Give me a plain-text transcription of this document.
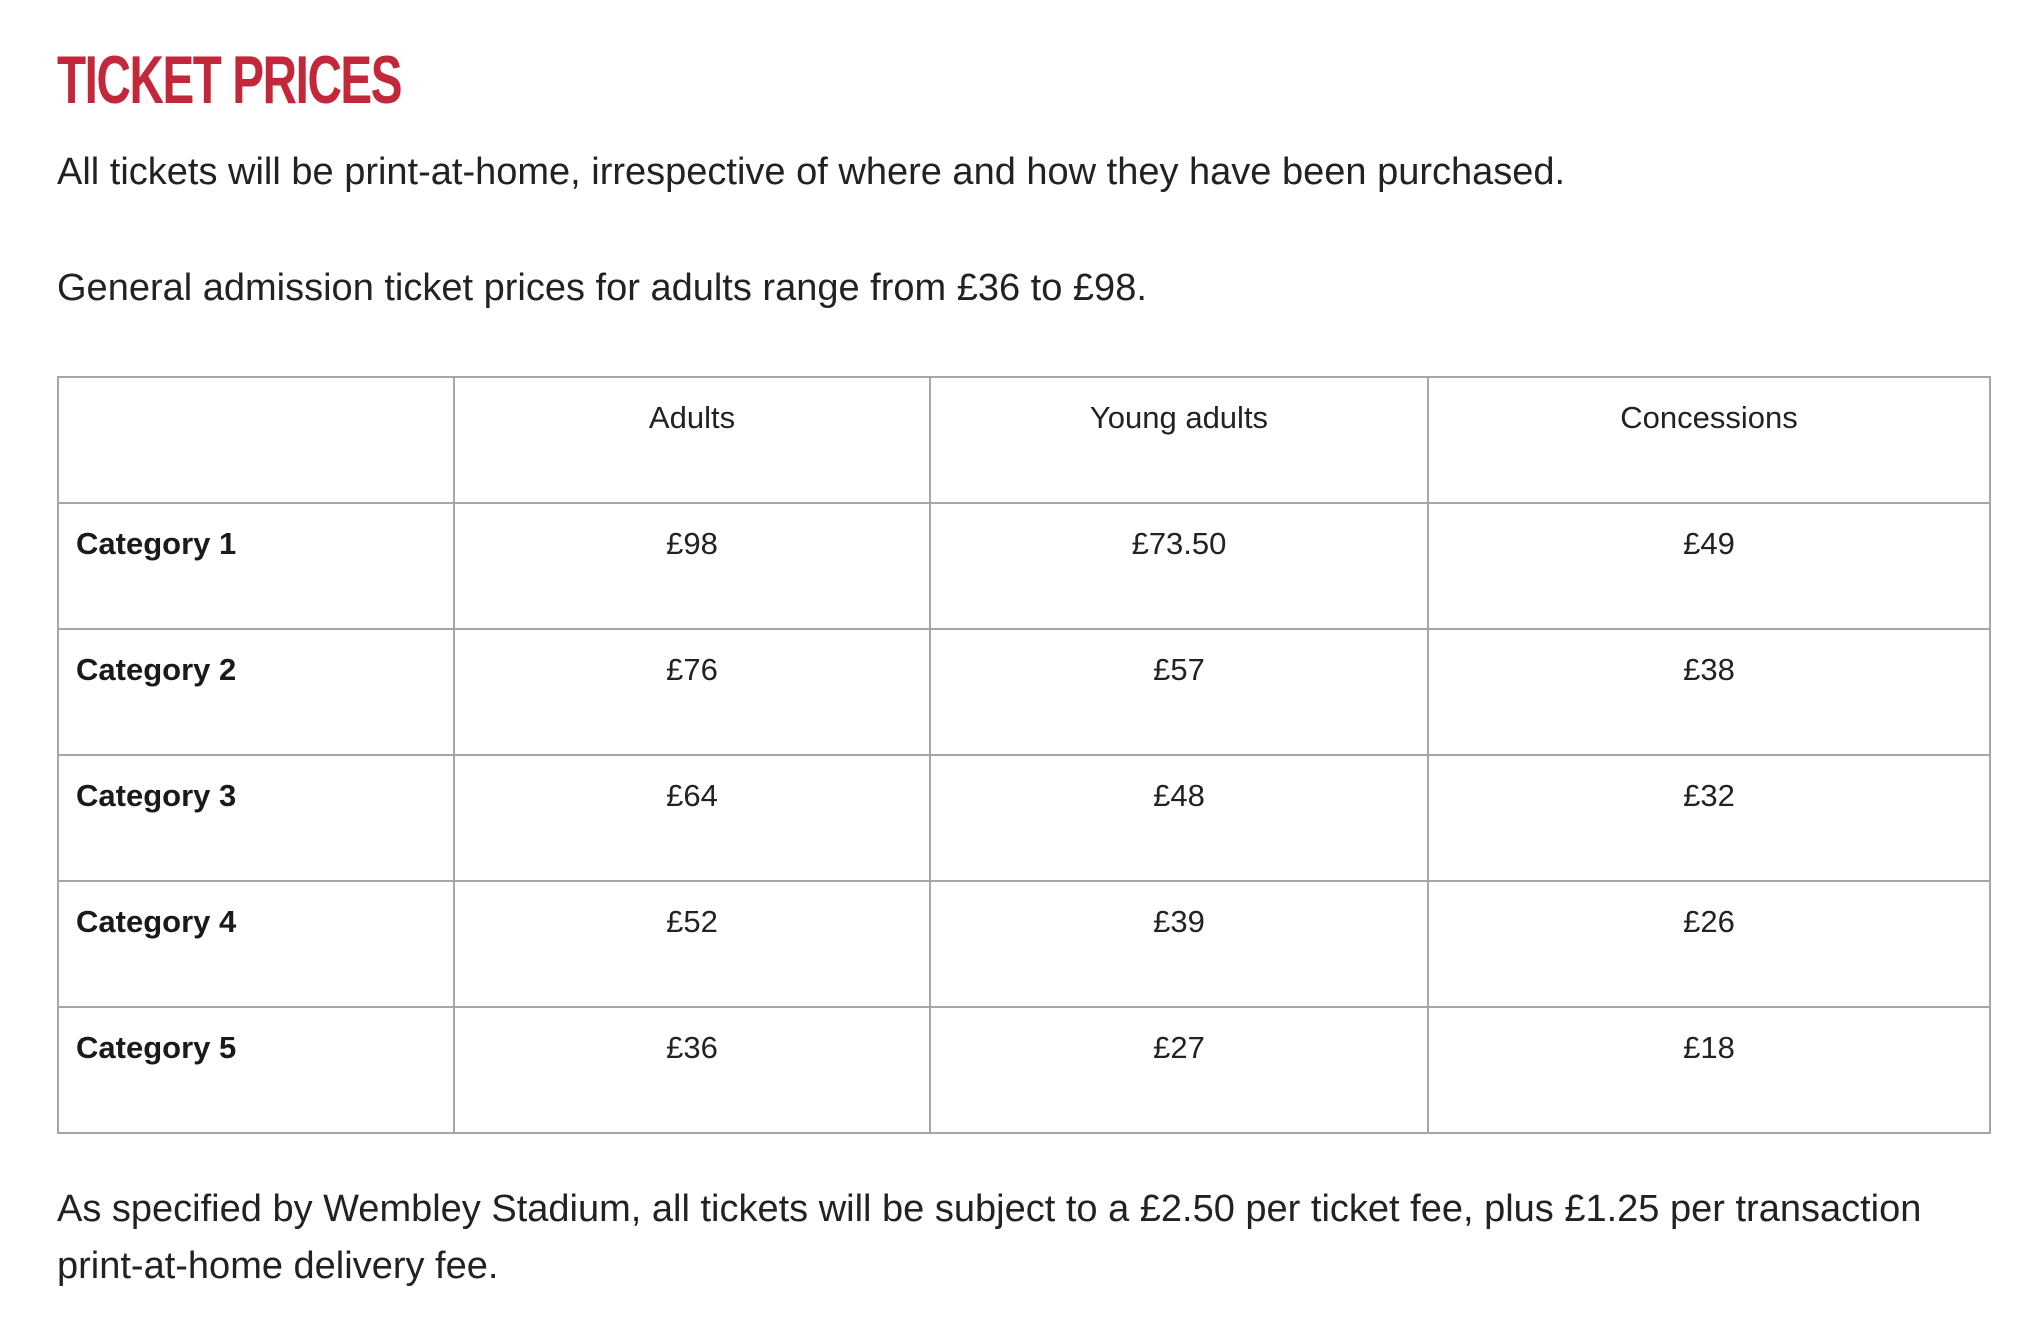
TICKET PRICES

All tickets will be print-at-home, irrespective of where and how they have been purchased.

General admission ticket prices for adults range from £36 to £98.

	Adults	Young adults	Concessions

Category 1	£98	£73.50	£49

Category 2	£76	£57	£38

Category 3	£64	£48	£32

Category 4	£52	£39	£26

Category 5	£36	£27	£18

As specified by Wembley Stadium, all tickets will be subject to a £2.50 per ticket fee, plus £1.25 per transaction print-at-home delivery fee.
